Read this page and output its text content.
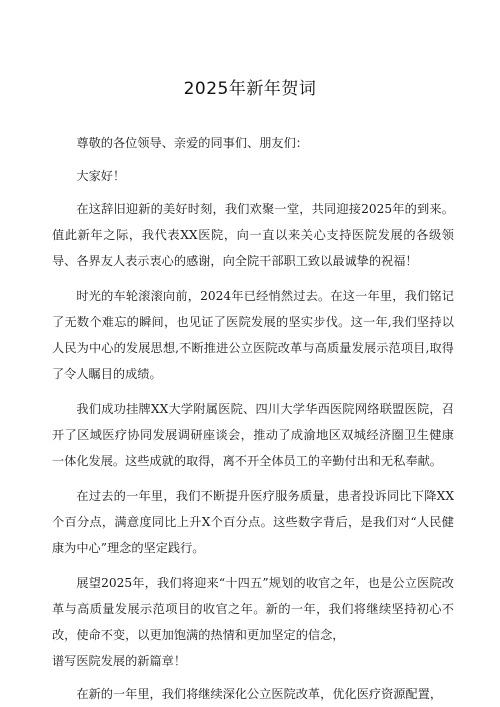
2025年新年贺词

尊敬的各位领导、亲爱的同事们、朋友们：

大家好！

在这辞旧迎新的美好时刻，我们欢聚一堂，共同迎接2025年的到来。值此新年之际，我代表XX医院，向一直以来关心支持医院发展的各级领导、各界友人表示衷心的感谢，向全院干部职工致以最诚挚的祝福！

时光的车轮滚滚向前，2024年已经悄然过去。在这一年里，我们铭记了无数个难忘的瞬间，也见证了医院发展的坚实步伐。这一年,我们坚持以人民为中心的发展思想,不断推进公立医院改革与高质量发展示范项目,取得了令人瞩目的成绩。

我们成功挂牌XX大学附属医院、四川大学华西医院网络联盟医院，召开了区域医疗协同发展调研座谈会，推动了成渝地区双城经济圈卫生健康一体化发展。这些成就的取得，离不开全体员工的辛勤付出和无私奉献。

在过去的一年里，我们不断提升医疗服务质量，患者投诉同比下降XX个百分点，满意度同比上升X个百分点。这些数字背后，是我们对“人民健康为中心”理念的坚定践行。

展望2025年，我们将迎来“十四五”规划的收官之年，也是公立医院改革与高质量发展示范项目的收官之年。新的一年，我们将继续坚持初心不改，使命不变，以更加饱满的热情和更加坚定的信念，

谱写医院发展的新篇章！

在新的一年里，我们将继续深化公立医院改革，优化医疗资源配置，
